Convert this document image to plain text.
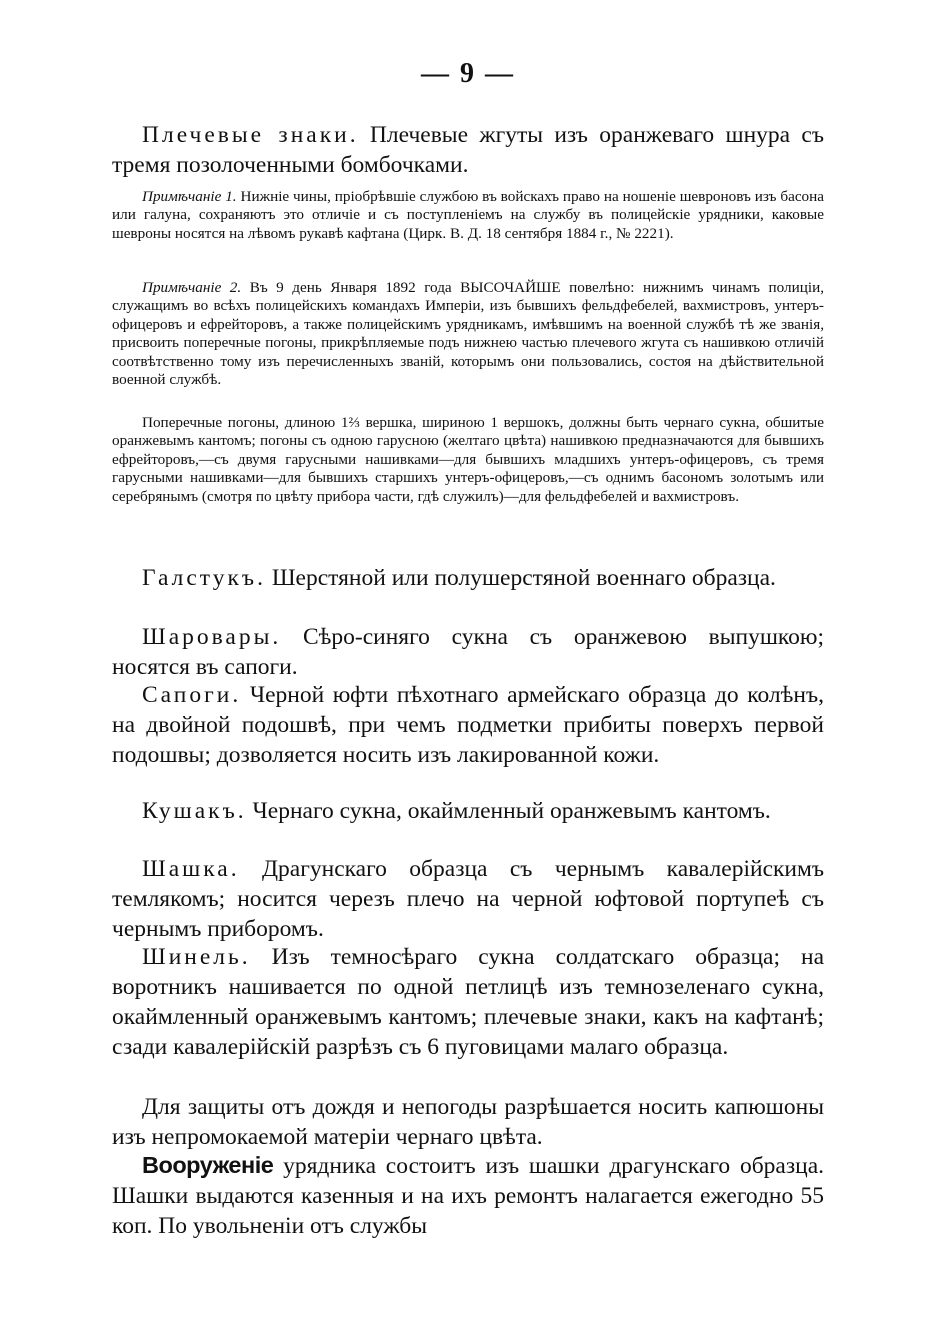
— 9 —

Плечевые знаки. Плечевые жгуты изъ оранжеваго шнура съ тремя позолоченными бомбочками.

Примѣчаніе 1. Нижніе чины, пріобрѣвшіе службою въ войскахъ право на ношеніе шевроновъ изъ басона или галуна, сохраняютъ это отличіе и съ поступленіемъ на службу въ полицейскіе урядники, каковые шевроны носятся на лѣвомъ рукавѣ кафтана (Цирк. В. Д. 18 сентября 1884 г., № 2221).

Примѣчаніе 2. Въ 9 день Января 1892 года ВЫСОЧАЙШЕ повелѣно: нижнимъ чинамъ полиціи, служащимъ во всѣхъ полицейскихъ командахъ Имперіи, изъ бывшихъ фельдфебелей, вахмистровъ, унтеръ-офицеровъ и ефрейторовъ, а также полицейскимъ урядникамъ, имѣвшимъ на военной службѣ тѣ же званія, присвоить поперечные погоны, прикрѣпляемые подъ нижнею частью плечевого жгута съ нашивкою отличій соотвѣтственно тому изъ перечисленныхъ званій, которымъ они пользовались, состоя на дѣйствительной военной службѣ.

Поперечные погоны, длиною 1⅔ вершка, шириною 1 вершокъ, должны быть чернаго сукна, обшитые оранжевымъ кантомъ; погоны съ одною гарусною (желтаго цвѣта) нашивкою предназначаются для бывшихъ ефрейторовъ,—съ двумя гарусными нашивками—для бывшихъ младшихъ унтеръ-офицеровъ, съ тремя гарусными нашивками—для бывшихъ старшихъ унтеръ-офицеровъ,—съ однимъ басономъ золотымъ или серебрянымъ (смотря по цвѣту прибора части, гдѣ служилъ)—для фельдфебелей и вахмистровъ.

Галстукъ. Шерстяной или полушерстяной военнаго образца.

Шаровары. Сѣро-синяго сукна съ оранжевою выпушкою; носятся въ сапоги.

Сапоги. Черной юфти пѣхотнаго армейскаго образца до колѣнъ, на двойной подошвѣ, при чемъ подметки прибиты поверхъ первой подошвы; дозволяется носить изъ лакированной кожи.

Кушакъ. Чернаго сукна, окаймленный оранжевымъ кантомъ.

Шашка. Драгунскаго образца съ чернымъ кавалерійскимъ темлякомъ; носится черезъ плечо на черной юфтовой портупеѣ съ чернымъ приборомъ.

Шинель. Изъ темносѣраго сукна солдатскаго образца; на воротникъ нашивается по одной петлицѣ изъ темнозеленаго сукна, окаймленный оранжевымъ кантомъ; плечевые знаки, какъ на кафтанѣ; сзади кавалерійскій разрѣзъ съ 6 пуговицами малаго образца.

Для защиты отъ дождя и непогоды разрѣшается носить капюшоны изъ непромокаемой матеріи чернаго цвѣта.

Вооруженіе урядника состоитъ изъ шашки драгунскаго образца. Шашки выдаются казенныя и на ихъ ремонтъ налагается ежегодно 55 коп. По увольненіи отъ службы
